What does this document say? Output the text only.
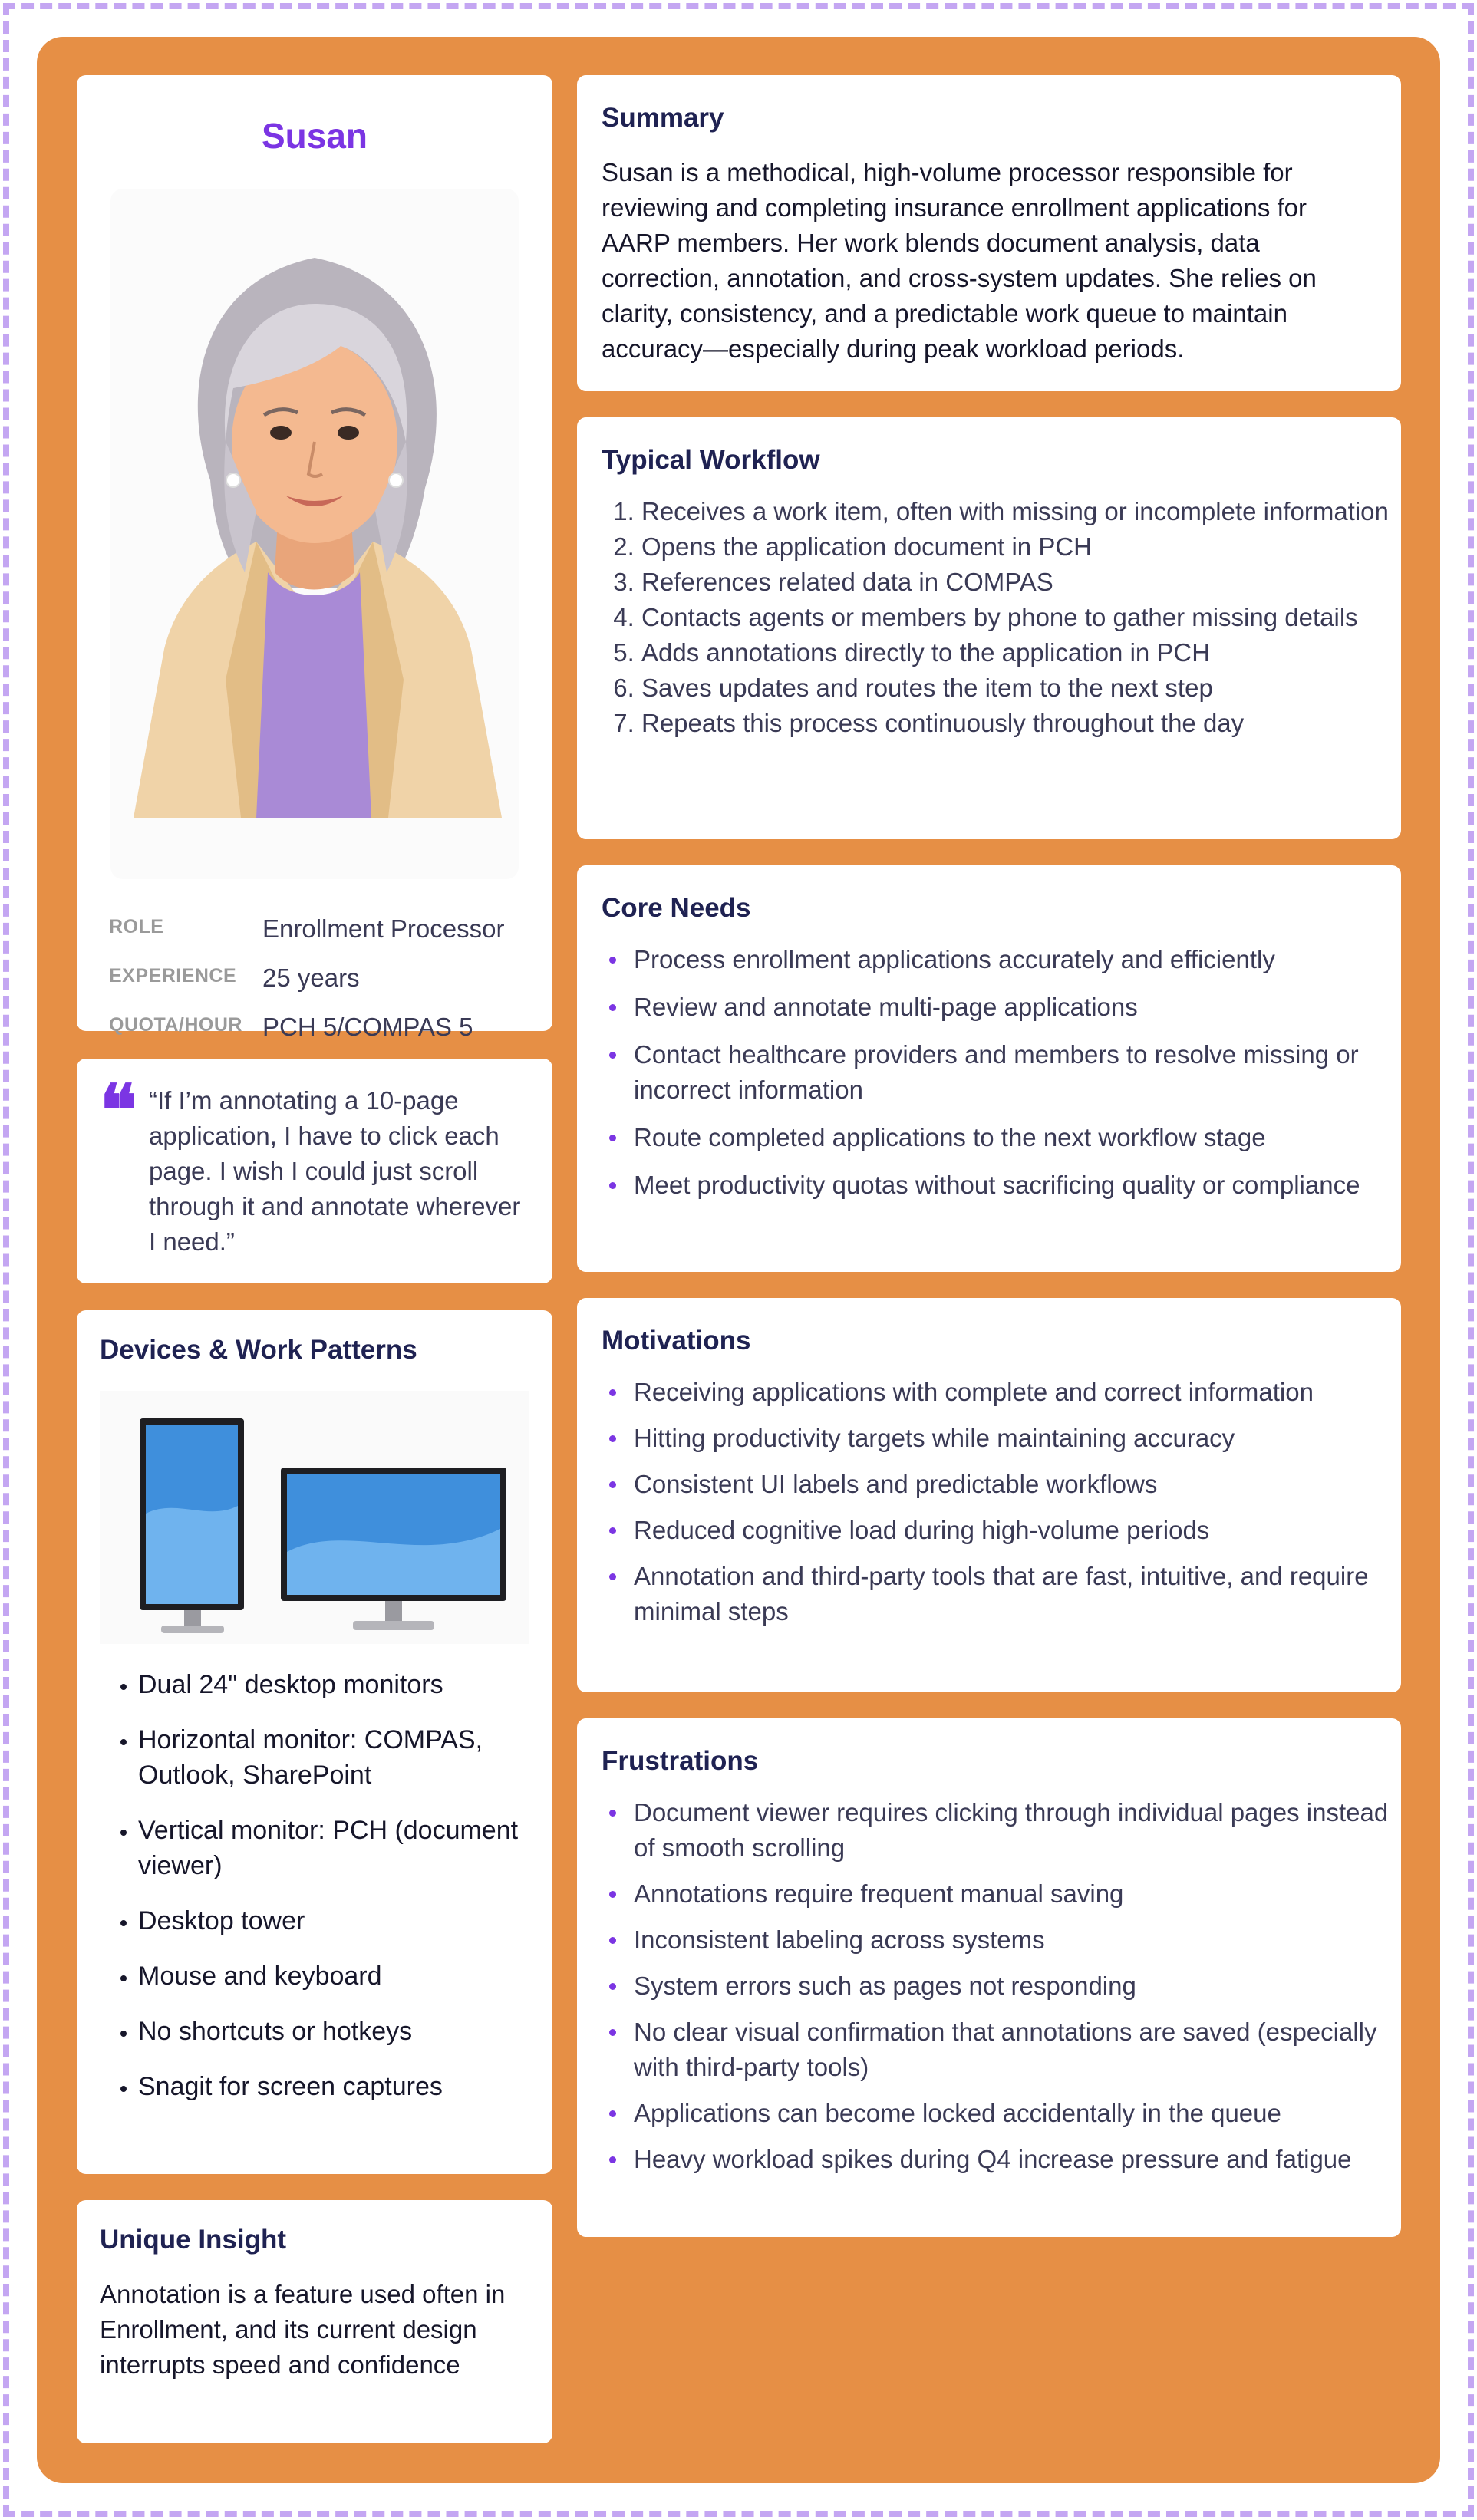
Susan
ROLE	Enrollment Processor
EXPERIENCE	25 years
QUOTA/HOUR PCH 5/COMPAS 5
❝ “If I’m annotating a 10-page application, I have to click each page. I wish I could just scroll through it and annotate wherever I need.”
Devices & Work Patterns
• Dual 24" desktop monitors
• Horizontal monitor: COMPAS, Outlook, SharePoint
• Vertical monitor: PCH (document viewer)
• Desktop tower
• Mouse and keyboard
• No shortcuts or hotkeys
• Snagit for screen captures
Unique Insight
Annotation is a feature used often in Enrollment, and its current design interrupts speed and confidence
Summary
Susan is a methodical, high-volume processor responsible for reviewing and completing insurance enrollment applications for AARP members. Her work blends document analysis, data correction, annotation, and cross-system updates. She relies on clarity, consistency, and a predictable work queue to maintain accuracy—especially during peak workload periods.
Typical Workflow
1. Receives a work item, often with missing or incomplete information
2. Opens the application document in PCH
3. References related data in COMPAS
4. Contacts agents or members by phone to gather missing details
5. Adds annotations directly to the application in PCH
6. Saves updates and routes the item to the next step
7. Repeats this process continuously throughout the day
Core Needs
Process enrollment applications accurately and efficiently
Review and annotate multi-page applications
Contact healthcare providers and members to resolve missing or incorrect information
Route completed applications to the next workflow stage
Meet productivity quotas without sacrificing quality or compliance
Motivations
Receiving applications with complete and correct information
Hitting productivity targets while maintaining accuracy
Consistent UI labels and predictable workflows
Reduced cognitive load during high-volume periods
Annotation and third-party tools that are fast, intuitive, and require minimal steps
Frustrations
Document viewer requires clicking through individual pages instead of smooth scrolling
Annotations require frequent manual saving
Inconsistent labeling across systems
System errors such as pages not responding
No clear visual confirmation that annotations are saved (especially with third-party tools)
Applications can become locked accidentally in the queue
Heavy workload spikes during Q4 increase pressure and fatigue
